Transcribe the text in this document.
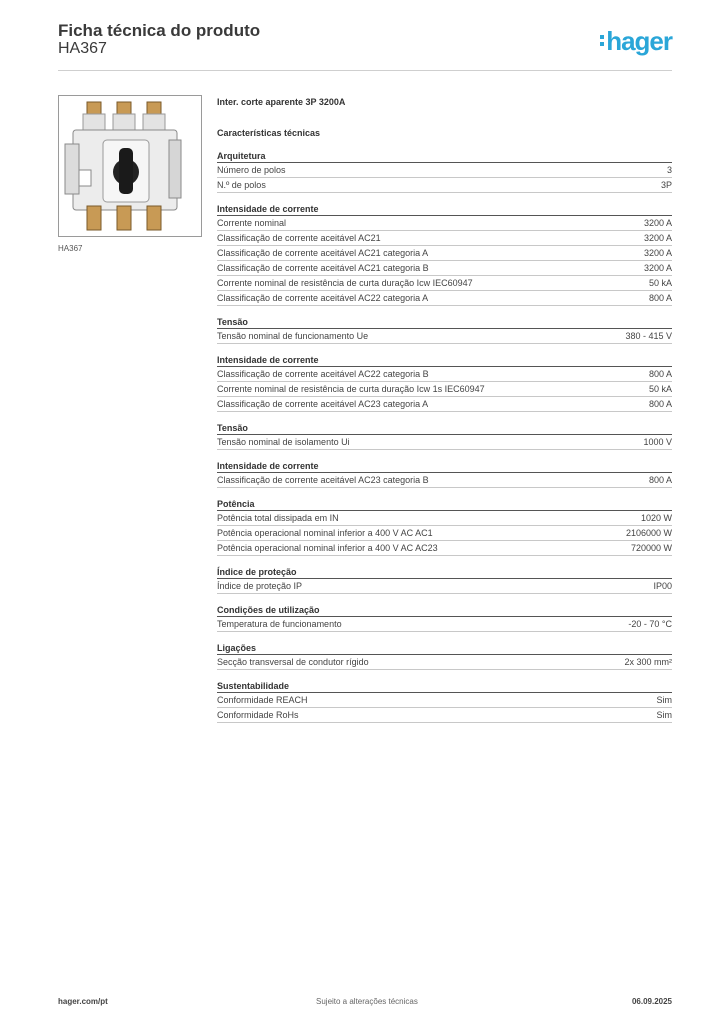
Ficha técnica do produto
HA367	hager
HA367
Inter. corte aparente 3P 3200A
Características técnicas
Arquitetura
Número de polos	3
N.º de polos	3P
Intensidade de corrente
Corrente nominal	3200 A
Classificação de corrente aceitável AC21	3200 A
Classificação de corrente aceitável AC21 categoria A	3200 A
Classificação de corrente aceitável AC21 categoria B	3200 A
Corrente nominal de resistência de curta duração Icw IEC60947	50 kA
Classificação de corrente aceitável AC22 categoria A	800 A
Tensão
Tensão nominal de funcionamento Ue	380 - 415 V
Intensidade de corrente
Classificação de corrente aceitável AC22 categoria B	800 A
Corrente nominal de resistência de curta duração Icw 1s IEC60947	50 kA
Classificação de corrente aceitável AC23 categoria A	800 A
Tensão
Tensão nominal de isolamento Ui	1000 V
Intensidade de corrente
Classificação de corrente aceitável AC23 categoria B	800 A
Potência
Potência total dissipada em IN	1020 W
Potência operacional nominal inferior a 400 V AC AC1	2106000 W
Potência operacional nominal inferior a 400 V AC AC23	720000 W
Índice de proteção
Índice de proteção IP	IP00
Condições de utilização
Temperatura de funcionamento	-20 - 70 °C
Ligações
Secção transversal de condutor rígido	2x 300 mm²
Sustentabilidade
Conformidade REACH	Sim
Conformidade RoHs	Sim
hager.com/pt	Sujeito a alterações técnicas	06.09.2025
